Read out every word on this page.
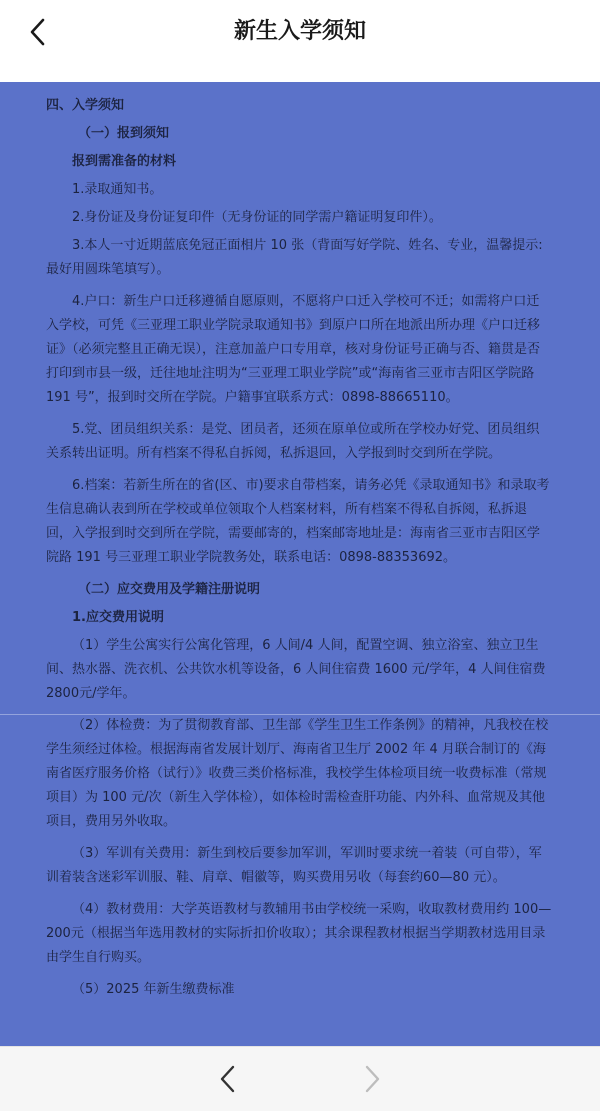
新生入学须知
四、入学须知
（一）报到须知
报到需准备的材料

1.录取通知书。

2.身份证及身份证复印件（无身份证的同学需户籍证明复印件）。

3.本人一寸近期蓝底免冠正面相片 10 张（背面写好学院、姓名、专业，温馨提示:最好用圆珠笔填写）。

4.户口：新生户口迁移遵循自愿原则，不愿将户口迁入学校可不迁；如需将户口迁入学校，可凭《三亚理工职业学院录取通知书》到原户口所在地派出所办理《户口迁移证》（必须完整且正确无误），注意加盖户口专用章，核对身份证号正确与否、籍贯是否打印到市县一级，迁往地址注明为“三亚理工职业学院”或“海南省三亚市吉阳区学院路 191 号”，报到时交所在学院。户籍事宜联系方式：0898-88665110。

5.党、团员组织关系：是党、团员者，还须在原单位或所在学校办好党、团员组织关系转出证明。所有档案不得私自拆阅，私拆退回，入学报到时交到所在学院。

6.档案：若新生所在的省(区、市)要求自带档案，请务必凭《录取通知书》和录取考生信息确认表到所在学校或单位领取个人档案材料，所有档案不得私自拆阅，私拆退回，入学报到时交到所在学院，需要邮寄的，档案邮寄地址是：海南省三亚市吉阳区学院路 191 号三亚理工职业学院教务处，联系电话：0898-88353692。

（二）应交费用及学籍注册说明
1.应交费用说明

（1）学生公寓实行公寓化管理，6 人间/4 人间，配置空调、独立浴室、独立卫生间、热水器、洗衣机、公共饮水机等设备，6 人间住宿费 1600 元/学年，4 人间住宿费2800元/学年。

（2）体检费：为了贯彻教育部、卫生部《学生卫生工作条例》的精神，凡我校在校学生须经过体检。根据海南省发展计划厅、海南省卫生厅 2002 年 4 月联合制订的《海南省医疗服务价格（试行）》收费三类价格标准，我校学生体检项目统一收费标准（常规项目）为 100 元/次（新生入学体检），如体检时需检查肝功能、内外科、血常规及其他项目，费用另外收取。

（3）军训有关费用：新生到校后要参加军训，军训时要求统一着装（可自带），军训着装含迷彩军训服、鞋、肩章、帽徽等，购买费用另收（每套约60—80 元）。

（4）教材费用：大学英语教材与教辅用书由学校统一采购，收取教材费用约 100—200元（根据当年选用教材的实际折扣价收取）；其余课程教材根据当学期教材选用目录由学生自行购买。

（5）2025 年新生缴费标准
